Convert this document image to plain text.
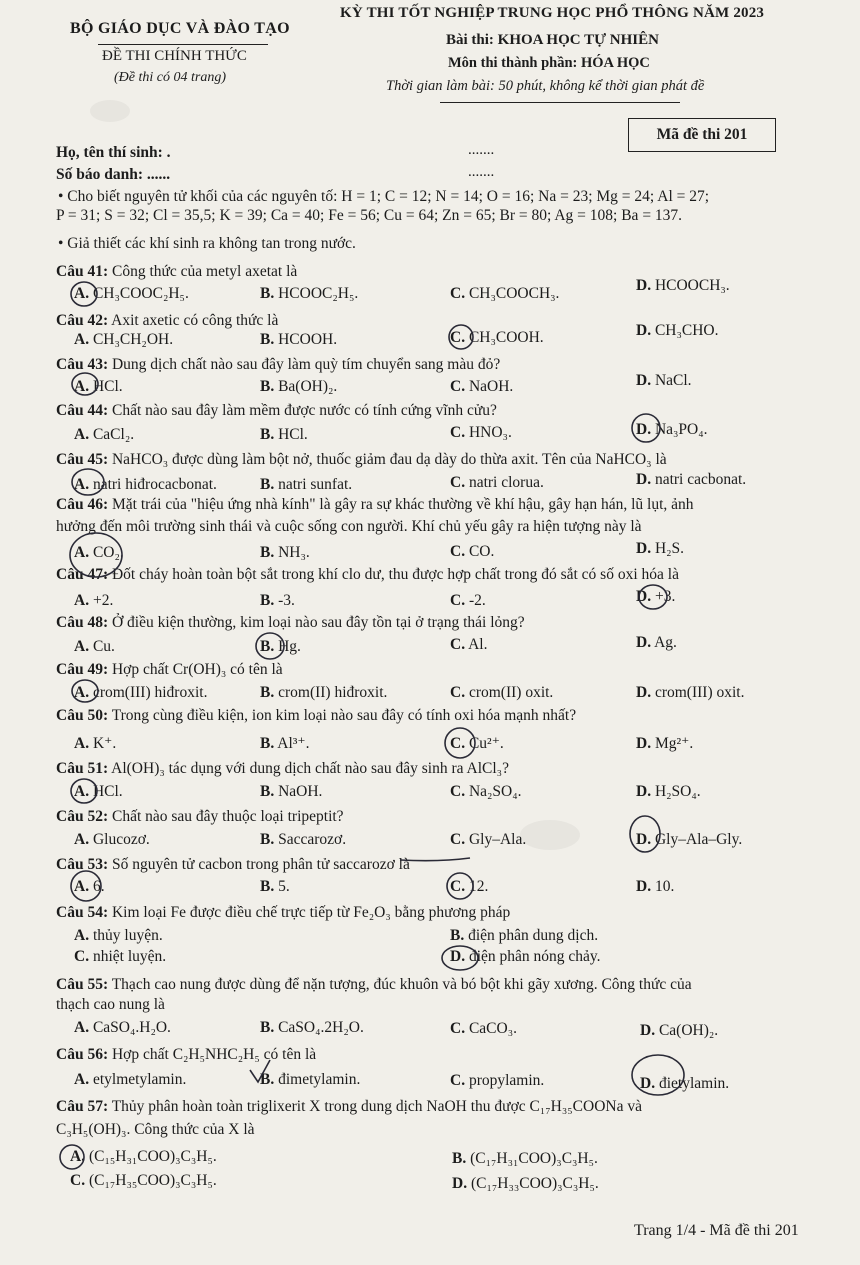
BỘ GIÁO DỤC VÀ ĐÀO TẠO
ĐỀ THI CHÍNH THỨC
(Đề thi có 04 trang)
KỲ THI TỐT NGHIỆP TRUNG HỌC PHỔ THÔNG NĂM 2023
Bài thi: KHOA HỌC TỰ NHIÊN
Môn thi thành phần: HÓA HỌC
Thời gian làm bài: 50 phút, không kể thời gian phát đề
Mã đề thi 201
Họ, tên thí sinh: .	.......
Số báo danh: ......	.......
• Cho biết nguyên tử khối của các nguyên tố: H = 1; C = 12; N = 14; O = 16; Na = 23; Mg = 24; Al = 27;
P = 31; S = 32; Cl = 35,5; K = 39; Ca = 40; Fe = 56; Cu = 64; Zn = 65; Br = 80; Ag = 108; Ba = 137.
• Giả thiết các khí sinh ra không tan trong nước.
Câu 41: Công thức của metyl axetat là
A. CH₃COOC₂H₅.	B. HCOOC₂H₅.	C. CH₃COOCH₃.	D. HCOOCH₃.
Câu 42: Axit axetic có công thức là
A. CH₃CH₂OH.	B. HCOOH.	C. CH₃COOH.	D. CH₃CHO.
Câu 43: Dung dịch chất nào sau đây làm quỳ tím chuyển sang màu đỏ?
A. HCl.	B. Ba(OH)₂.	C. NaOH.	D. NaCl.
Câu 44: Chất nào sau đây làm mềm được nước có tính cứng vĩnh cửu?
A. CaCl₂.	B. HCl.	C. HNO₃.	D. Na₃PO₄.
Câu 45: NaHCO₃ được dùng làm bột nở, thuốc giảm đau dạ dày do thừa axit. Tên của NaHCO₃ là
A. natri hiđrocacbonat.	B. natri sunfat.	C. natri clorua.	D. natri cacbonat.
Câu 46: Mặt trái của "hiệu ứng nhà kính" là gây ra sự khác thường về khí hậu, gây hạn hán, lũ lụt, ảnh
hưởng đến môi trường sinh thái và cuộc sống con người. Khí chủ yếu gây ra hiện tượng này là
A. CO₂.	B. NH₃.	C. CO.	D. H₂S.
Câu 47: Đốt cháy hoàn toàn bột sắt trong khí clo dư, thu được hợp chất trong đó sắt có số oxi hóa là
A. +2.	B. -3.	C. -2.	D. +3.
Câu 48: Ở điều kiện thường, kim loại nào sau đây tồn tại ở trạng thái lỏng?
A. Cu.	B. Hg.	C. Al.	D. Ag.
Câu 49: Hợp chất Cr(OH)₃ có tên là
A. crom(III) hiđroxit.	B. crom(II) hiđroxit.	C. crom(II) oxit.	D. crom(III) oxit.
Câu 50: Trong cùng điều kiện, ion kim loại nào sau đây có tính oxi hóa mạnh nhất?
A. K⁺.	B. Al³⁺.	C. Cu²⁺.	D. Mg²⁺.
Câu 51: Al(OH)₃ tác dụng với dung dịch chất nào sau đây sinh ra AlCl₃?
A. HCl.	B. NaOH.	C. Na₂SO₄.	D. H₂SO₄.
Câu 52: Chất nào sau đây thuộc loại tripeptit?
A. Glucozơ.	B. Saccarozơ.	C. Gly–Ala.	D. Gly–Ala–Gly.
Câu 53: Số nguyên tử cacbon trong phân tử saccarozơ là
A. 6.	B. 5.	C. 12.	D. 10.
Câu 54: Kim loại Fe được điều chế trực tiếp từ Fe₂O₃ bằng phương pháp
A. thủy luyện.	B. điện phân dung dịch.
C. nhiệt luyện.	D. điện phân nóng chảy.
Câu 55: Thạch cao nung được dùng để nặn tượng, đúc khuôn và bó bột khi gãy xương. Công thức của
thạch cao nung là
A. CaSO₄.H₂O.	B. CaSO₄.2H₂O.	C. CaCO₃.	D. Ca(OH)₂.
Câu 56: Hợp chất C₂H₅NHC₂H₅ có tên là
A. etylmetylamin.	B. đimetylamin.	C. propylamin.	D. đietylamin.
Câu 57: Thủy phân hoàn toàn triglixerit X trong dung dịch NaOH thu được C₁₇H₃₅COONa và
C₃H₅(OH)₃. Công thức của X là
A. (C₁₅H₃₁COO)₃C₃H₅.	B. (C₁₇H₃₁COO)₃C₃H₅.
C. (C₁₇H₃₅COO)₃C₃H₅.	D. (C₁₇H₃₃COO)₃C₃H₅.
Trang 1/4 - Mã đề thi 201
